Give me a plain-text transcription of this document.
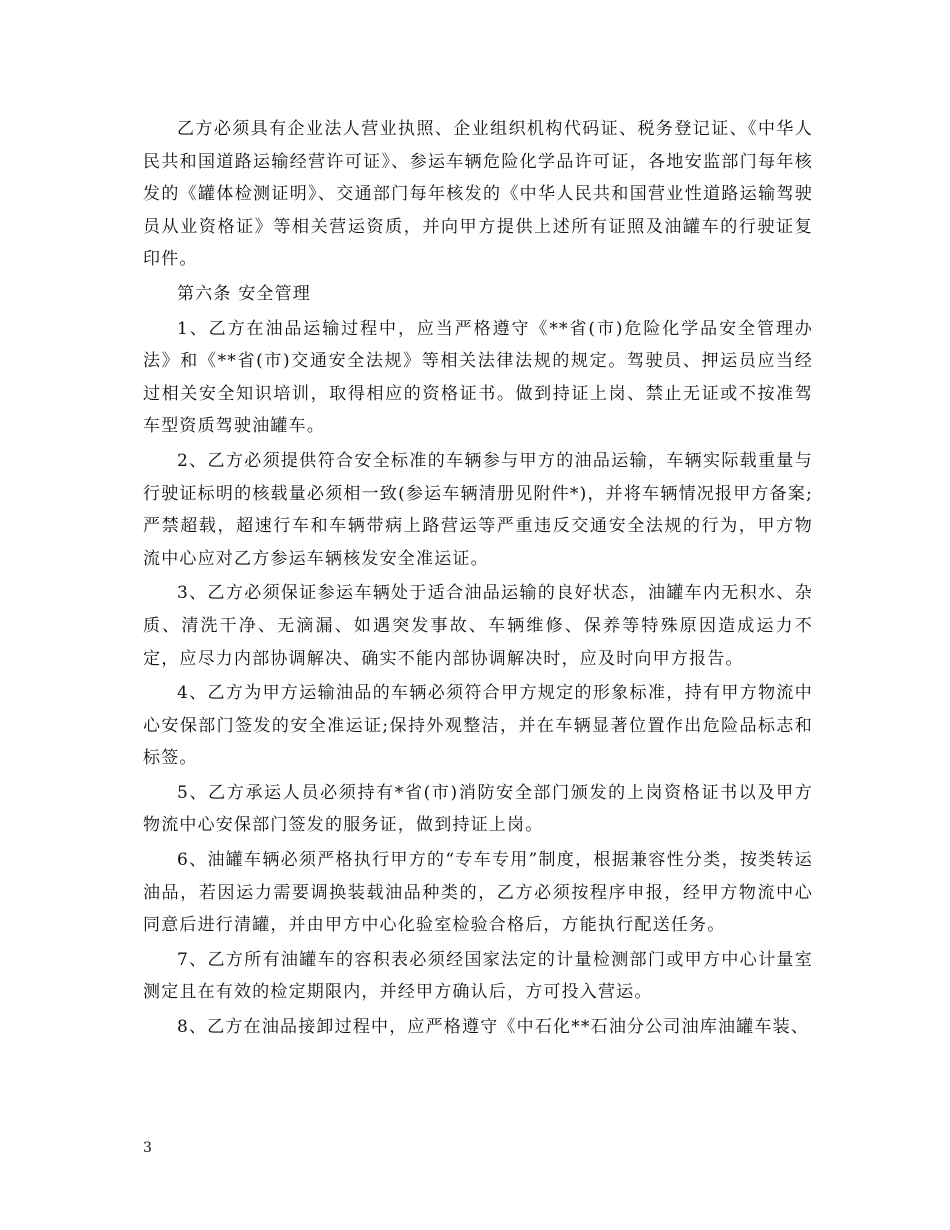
乙方必须具有企业法人营业执照、企业组织机构代码证、税务登记证、《中华人民共和国道路运输经营许可证》、参运车辆危险化学品许可证，各地安监部门每年核发的《罐体检测证明》、交通部门每年核发的《中华人民共和国营业性道路运输驾驶员从业资格证》等相关营运资质，并向甲方提供上述所有证照及油罐车的行驶证复印件。

第六条 安全管理

1、乙方在油品运输过程中，应当严格遵守《**省(市)危险化学品安全管理办法》和《**省(市)交通安全法规》等相关法律法规的规定。驾驶员、押运员应当经过相关安全知识培训，取得相应的资格证书。做到持证上岗、禁止无证或不按准驾车型资质驾驶油罐车。

2、乙方必须提供符合安全标准的车辆参与甲方的油品运输，车辆实际载重量与行驶证标明的核载量必须相一致(参运车辆清册见附件*)，并将车辆情况报甲方备案;严禁超载，超速行车和车辆带病上路营运等严重违反交通安全法规的行为，甲方物流中心应对乙方参运车辆核发安全准运证。

3、乙方必须保证参运车辆处于适合油品运输的良好状态，油罐车内无积水、杂质、清洗干净、无滴漏、如遇突发事故、车辆维修、保养等特殊原因造成运力不定，应尽力内部协调解决、确实不能内部协调解决时，应及时向甲方报告。

4、乙方为甲方运输油品的车辆必须符合甲方规定的形象标准，持有甲方物流中心安保部门签发的安全准运证;保持外观整洁，并在车辆显著位置作出危险品标志和标签。

5、乙方承运人员必须持有*省(市)消防安全部门颁发的上岗资格证书以及甲方物流中心安保部门签发的服务证，做到持证上岗。

6、油罐车辆必须严格执行甲方的“专车专用”制度，根据兼容性分类，按类转运油品，若因运力需要调换装载油品种类的，乙方必须按程序申报，经甲方物流中心同意后进行清罐，并由甲方中心化验室检验合格后，方能执行配送任务。

7、乙方所有油罐车的容积表必须经国家法定的计量检测部门或甲方中心计量室测定且在有效的检定期限内，并经甲方确认后，方可投入营运。

8、乙方在油品接卸过程中，应严格遵守《中石化**石油分公司油库油罐车装、

3
